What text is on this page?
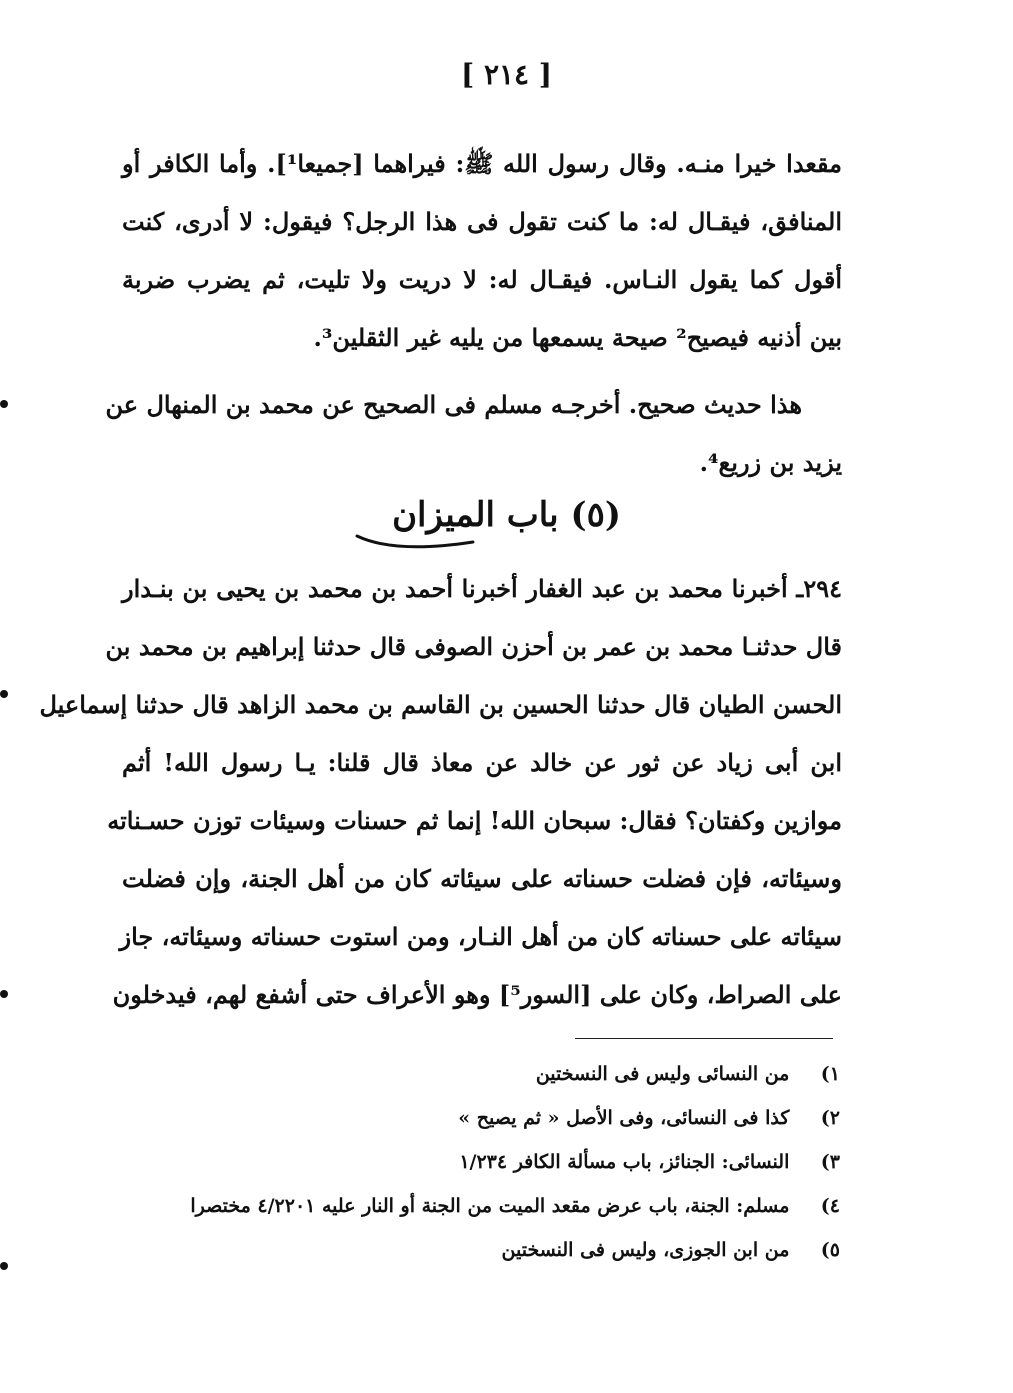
[ ٢١٤ ]
مقعدا خيرا منـه. وقال رسول الله ﷺ: فيراهما [جميعا¹]. وأما الكافر أو
المنافق، فيقـال له: ما كنت تقول فى هذا الرجل؟ فيقول: لا أدرى، كنت
أقول كما يقول النـاس. فيقـال له: لا دريت ولا تليت، ثم يضرب ضربة
بين أذنيه فيصيح² صيحة يسمعها من يليه غير الثقلين³.
هذا حديث صحيح. أخرجـه مسلم فى الصحيح عن محمد بن المنهال عن
يزيد بن زريع⁴.
(٥) باب الميزان
٢٩٤ـ أخبرنا محمد بن عبد الغفار أخبرنا أحمد بن محمد بن يحيى بن بنـدار
قال حدثنـا محمد بن عمر بن أحزن الصوفى قال حدثنا إبراهيم بن محمد بن
الحسن الطيان قال حدثنا الحسين بن القاسم بن محمد الزاهد قال حدثنا إسماعيل
ابن أبى زياد عن ثور عن خالد عن معاذ قال قلنا: يـا رسول الله! أثم
موازين وكفتان؟ فقال: سبحان الله! إنما ثم حسنات وسيئات توزن حسـناته
وسيئاته، فإن فضلت حسناته على سيئاته كان من أهل الجنة، وإن فضلت
سيئاته على حسناته كان من أهل النـار، ومن استوت حسناته وسيئاته، جاز
على الصراط، وكان على [السور⁵] وهو الأعراف حتى أشفع لهم، فيدخلون
١) من النسائى وليس فى النسختين
٢) كذا فى النسائى، وفى الأصل « ثم يصيح »
٣) النسائى: الجنائز، باب مسألة الكافر ١/٢٣٤
٤) مسلم: الجنة، باب عرض مقعد الميت من الجنة أو النار عليه ٤/٢٢٠١ مختصرا
٥) من ابن الجوزى، وليس فى النسختين
